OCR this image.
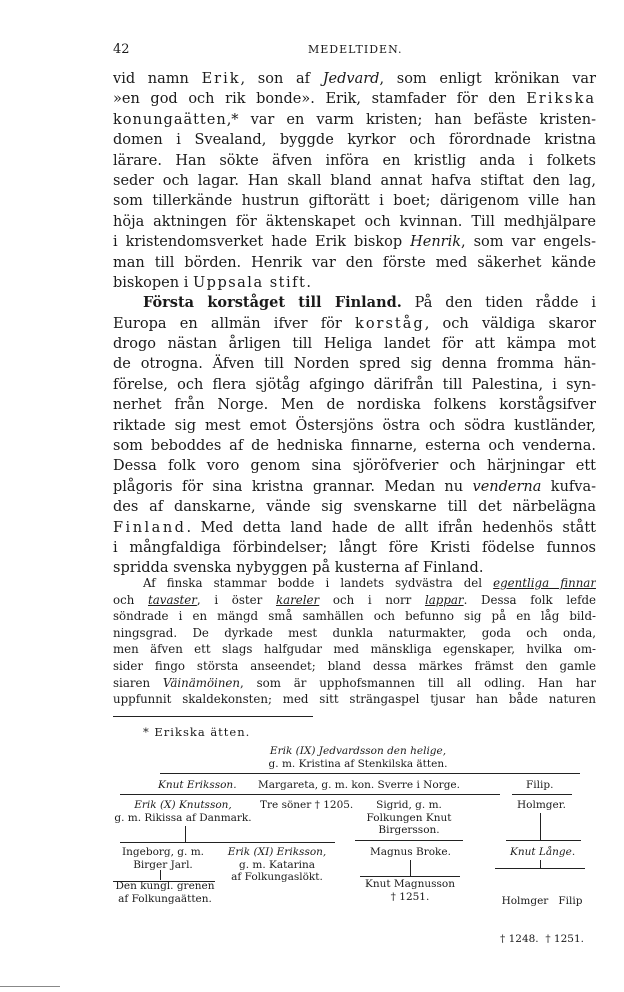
42	MEDELTIDEN.
vid namn Erik, son af Jedvard, som enligt krönikan var
»en god och rik bonde». Erik, stamfader för den Erikska
konungaätten,* var en varm kristen; han befäste kristen-
domen i Svealand, byggde kyrkor och förordnade kristna
lärare. Han sökte äfven införa en kristlig anda i folkets
seder och lagar. Han skall bland annat hafva stiftat den lag,
som tillerkände hustrun giftorätt i boet; därigenom ville han
höja aktningen för äktenskapet och kvinnan. Till medhjälpare
i kristendomsverket hade Erik biskop Henrik, som var engels-
man till börden. Henrik var den förste med säkerhet kände
biskopen i Uppsala stift.
Första korståget till Finland. På den tiden rådde i
Europa en allmän ifver för korståg, och väldiga skaror
drogo nästan årligen till Heliga landet för att kämpa mot
de otrogna. Äfven till Norden spred sig denna fromma hän-
förelse, och flera sjötåg afgingo därifrån till Palestina, i syn-
nerhet från Norge. Men de nordiska folkens korstågsifver
riktade sig mest emot Östersjöns östra och södra kustländer,
som beboddes af de hedniska finnarne, esterna och venderna.
Dessa folk voro genom sina sjöröfverier och härjningar ett
plågoris för sina kristna grannar. Medan nu venderna kufva-
des af danskarne, vände sig svenskarne till det närbelägna
Finland. Med detta land hade de allt ifrån hedenhös stått
i mångfaldiga förbindelser; långt före Kristi födelse funnos
spridda svenska nybyggen på kusterna af Finland.
Af finska stammar bodde i landets sydvästra del egentliga finnar
och tavaster, i öster kareler och i norr lappar. Dessa folk lefde
söndrade i en mängd små samhällen och befunno sig på en låg bild-
ningsgrad. De dyrkade mest dunkla naturmakter, goda och onda,
men äfven ett slags halfgudar med mänskliga egenskaper, hvilka om-
sider fingo största anseendet; bland dessa märkes främst den gamle
siaren Väinämöinen, som är upphofsmannen till all odling. Han har
uppfunnit skaldekonsten; med sitt strängaspel tjusar han både naturen
* Erikska ätten.
Erik (IX) Jedvardsson den helige,
g. m. Kristina af Stenkilska ätten.
Knut Eriksson. Margareta, g. m. kon. Sverre i Norge.	Filip.
Erik (X) Knutsson,
g. m. Rikissa af Danmark.
Tre söner † 1205.	Sigrid, g. m.
Folkungen Knut
Birgersson.
Holmger.
Ingeborg, g. m.
Birger Jarl.
Erik (XI) Eriksson,
g. m. Katarina
af Folkungaslökt.
Magnus Broke.	Knut Långe.
Den kungl. grenen
af Folkungaätten.
Knut Magnusson
† 1251.

	Holmger   Filip

† 1248.  † 1251.
